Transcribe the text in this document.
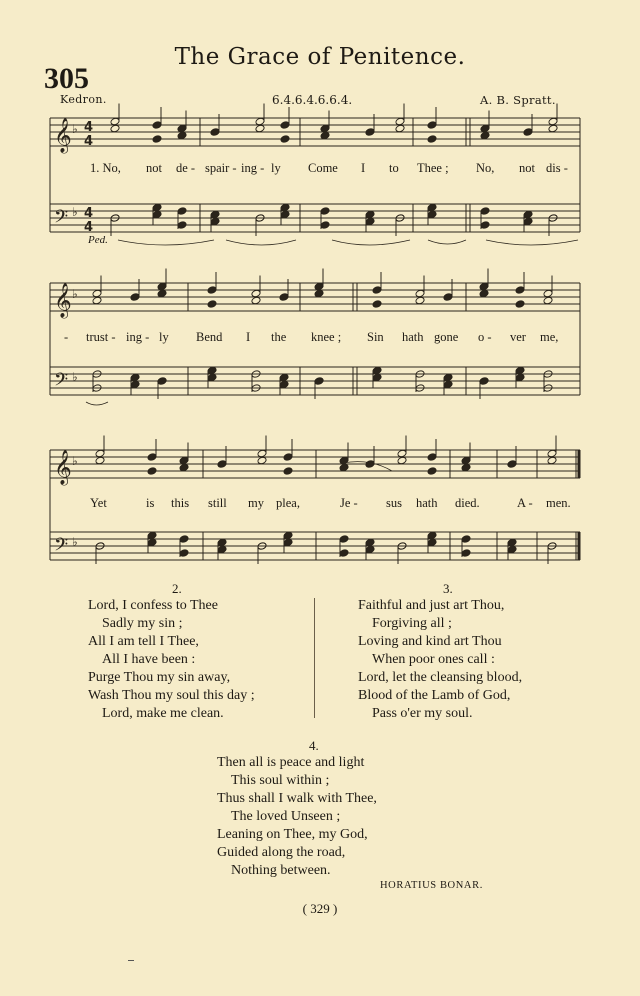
The Grace of Penitence.
305
Kedron.	6.4.6.4.6.6.4.	A. B. Spratt.
𝄞
𝄢
𝄞
𝄢
𝄞
𝄢
♭
♭
♭
♭
♭
♭
4
4
4
4
Ped.
1. No, not de - spair - ing - ly Come I to Thee ; No, not dis -
- trust - ing - ly Bend I the knee ; Sin hath gone o - ver me,
Yet	is this still my plea,	Je - sus hath died.	A - men.
2.
Lord, I confess to Thee
Sadly my sin ;
All I am tell I Thee,
All I have been :
Purge Thou my sin away,
Wash Thou my soul this day ;
Lord, make me clean.
3.
Faithful and just art Thou,
Forgiving all ;
Loving and kind art Thou
When poor ones call :
Lord, let the cleansing blood,
Blood of the Lamb of God,
Pass o'er my soul.
4.
Then all is peace and light
This soul within ;
Thus shall I walk with Thee,
The loved Unseen ;
Leaning on Thee, my God,
Guided along the road,
Nothing between.
HORATIUS BONAR.
( 329 )
